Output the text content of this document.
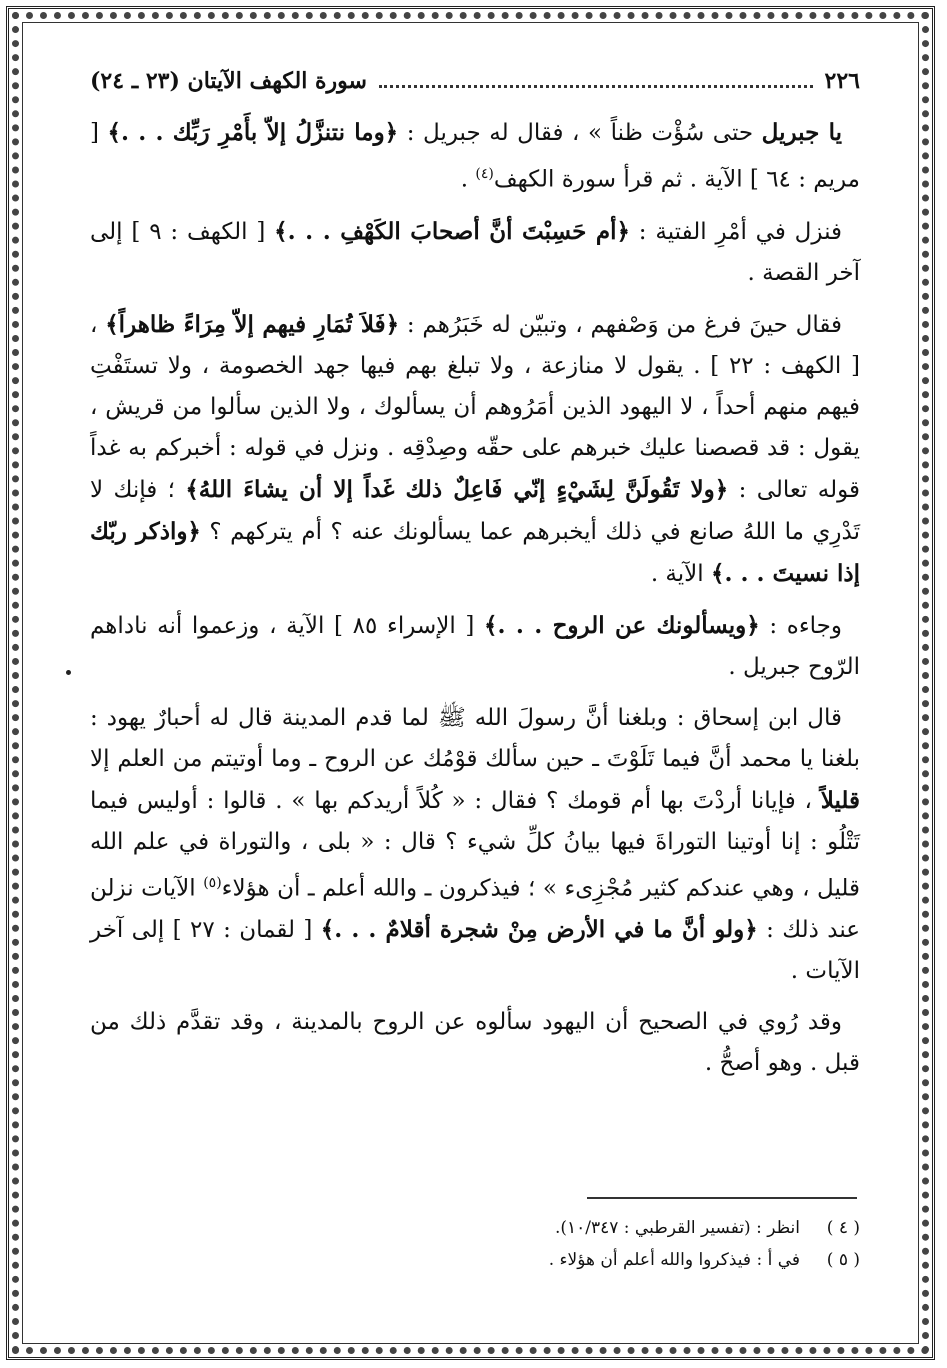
٢٢٦
سورة الكهف الآيتان (٢٣ ـ ٢٤)

يا جبريل حتى سُؤْت ظناً » ، فقال له جبريل : ﴿وما نتنزَّلُ إلاّ بأَمْرِ رَبِّك . . .﴾ [ مريم : ٦٤ ] الآية . ثم قرأ سورة الكهف$^{(٤)}$ .

فنزل في أمْرِ الفتية : ﴿أم حَسِبْتَ أنَّ أصحابَ الكَهْفِ . . .﴾ [ الكهف : ٩ ] إلى آخر القصة .

فقال حينَ فرغ من وَصْفهم ، وتبيّن له خَبَرُهم : ﴿فَلاَ تُمَارِ فيهم إلاّ مِرَاءً ظاهراً﴾ ، [ الكهف : ٢٢ ] . يقول لا منازعة ، ولا تبلغ بهم فيها جهد الخصومة ، ولا تستَفْتِ فيهم منهم أحداً ، لا اليهود الذين أمَرُوهم أن يسألوك ، ولا الذين سألوا من قريش ، يقول : قد قصصنا عليك خبرهم على حقّه وصِدْقِه . ونزل في قوله : أخبركم به غداً قوله تعالى : ﴿ولا تَقُولَنَّ لِشَيْءٍ إنّي فَاعِلٌ ذلك غَداً إلا أن يشاءَ اللهُ﴾ ؛ فإنك لا تَدْرِي ما اللهُ صانع في ذلك أيخبرهم عما يسألونك عنه ؟ أم يتركهم ؟ ﴿واذكر ربّك إذا نسيتَ . . .﴾ الآية .

وجاءه : ﴿ويسألونك عن الروح . . .﴾ [ الإسراء ٨٥ ] الآية ، وزعموا أنه ناداهم الرّوح جبريل .

قال ابن إسحاق : وبلغنا أنَّ رسولَ الله ﷺ لما قدم المدينة قال له أحبارٌ يهود : بلغنا يا محمد أنَّ فيما تَلَوْتَ ـ حين سألك قوْمُك عن الروح ـ وما أوتيتم من العلم إلا قليلاً ، فإيانا أردْتَ بها أم قومك ؟ فقال : « كُلاً أريدكم بها » . قالوا : أوليس فيما تَتْلُو : إنا أوتينا التوراةَ فيها بيانُ كلِّ شيء ؟ قال : « بلى ، والتوراة في علم الله قليل ، وهي عندكم كثير مُجْزِىء » ؛ فيذكرون ـ والله أعلم ـ أن هؤلاء$^{(٥)}$ الآيات نزلن عند ذلك : ﴿ولو أنَّ ما في الأرض مِنْ شجرة أقلامٌ . . .﴾ [ لقمان : ٢٧ ] إلى آخر الآيات .

وقد رُوي في الصحيح أن اليهود سألوه عن الروح بالمدينة ، وقد تقدَّم ذلك من قبل . وهو أصحُّ .

( ٤ )
انظر : (تفسير القرطبي : ١٠/٣٤٧).
( ٥ )
في أ : فيذكروا والله أعلم أن هؤلاء .
